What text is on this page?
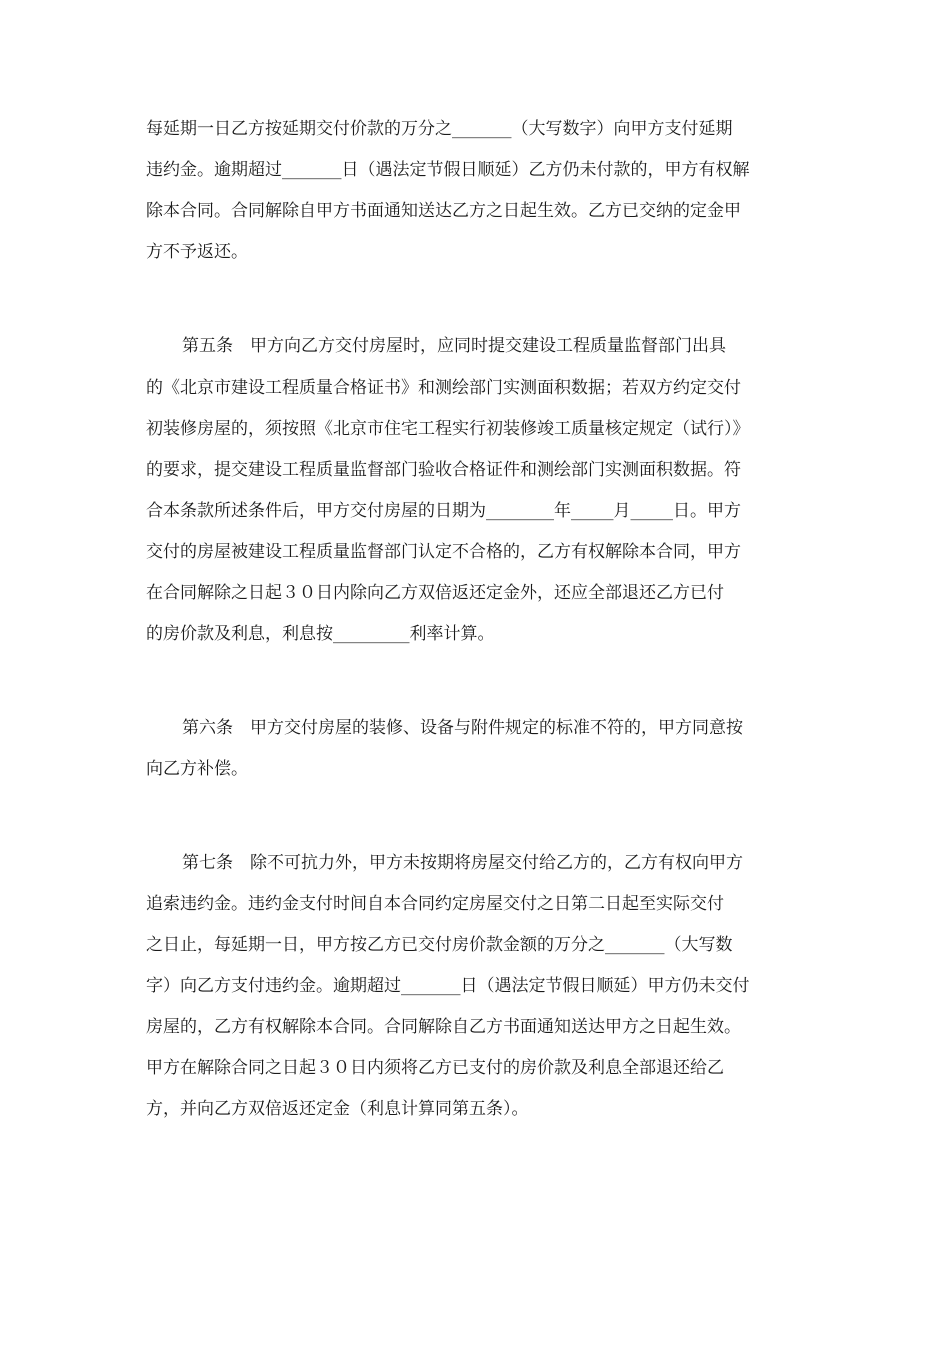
每延期一日乙方按延期交付价款的万分之_______（大写数字）向甲方支付延期
违约金。逾期超过_______日（遇法定节假日顺延）乙方仍未付款的，甲方有权解
除本合同。合同解除自甲方书面通知送达乙方之日起生效。乙方已交纳的定金甲
方不予返还。
第五条　甲方向乙方交付房屋时，应同时提交建设工程质量监督部门出具
的《北京市建设工程质量合格证书》和测绘部门实测面积数据；若双方约定交付
初装修房屋的，须按照《北京市住宅工程实行初装修竣工质量核定规定（试行）》
的要求，提交建设工程质量监督部门验收合格证件和测绘部门实测面积数据。符
合本条款所述条件后，甲方交付房屋的日期为________年_____月_____日。甲方
交付的房屋被建设工程质量监督部门认定不合格的，乙方有权解除本合同，甲方
在合同解除之日起３０日内除向乙方双倍返还定金外，还应全部退还乙方已付
的房价款及利息，利息按_________利率计算。
第六条　甲方交付房屋的装修、设备与附件规定的标准不符的，甲方同意按
向乙方补偿。
第七条　除不可抗力外，甲方未按期将房屋交付给乙方的，乙方有权向甲方
追索违约金。违约金支付时间自本合同约定房屋交付之日第二日起至实际交付
之日止，每延期一日，甲方按乙方已交付房价款金额的万分之_______（大写数
字）向乙方支付违约金。逾期超过_______日（遇法定节假日顺延）甲方仍未交付
房屋的，乙方有权解除本合同。合同解除自乙方书面通知送达甲方之日起生效。
甲方在解除合同之日起３０日内须将乙方已支付的房价款及利息全部退还给乙
方，并向乙方双倍返还定金（利息计算同第五条）。
